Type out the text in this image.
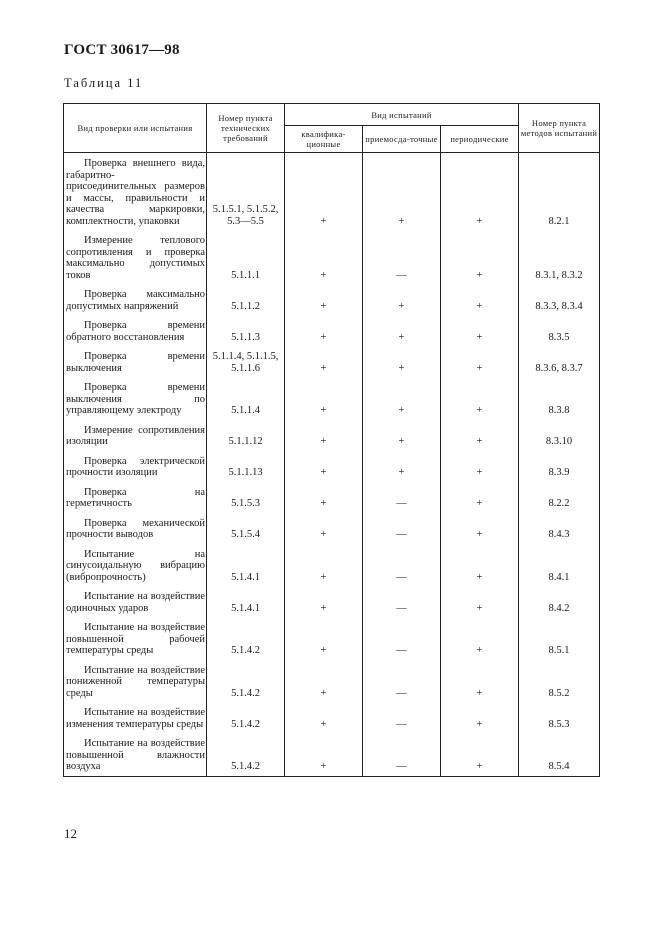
ГОСТ 30617—98
Таблица 11
Вид проверки или испытания	Номер пункта технических требований	Вид испытаний			Номер пункта методов испытаний
		квалифика-ционные	приемосда-точные	периодические	

Проверка внешнего вида, габаритно-присоединительных размеров и массы, правильности и качества маркировки, комплектности, упаковки	5.1.5.1, 5.1.5.2, 5.3—5.5	+	+	+	8.2.1

Измерение теплового сопротивления и проверка максимально допустимых токов	5.1.1.1	+	—	+	8.3.1, 8.3.2

Проверка максимально допустимых напряжений	5.1.1.2	+	+	+	8.3.3, 8.3.4

Проверка времени обратного восстановления	5.1.1.3	+	+	+	8.3.5

Проверка времени выключения	5.1.1.4, 5.1.1.5, 5.1.1.6	+	+	+	8.3.6, 8.3.7

Проверка времени выключения по управляющему электроду	5.1.1.4	+	+	+	8.3.8

Измерение сопротивления изоляции	5.1.1.12	+	+	+	8.3.10

Проверка электрической прочности изоляции	5.1.1.13	+	+	+	8.3.9

Проверка на герметичность	5.1.5.3	+	—	+	8.2.2

Проверка механической прочности выводов	5.1.5.4	+	—	+	8.4.3

Испытание на синусоидальную вибрацию (вибропрочность)	5.1.4.1	+	—	+	8.4.1

Испытание на воздействие одиночных ударов	5.1.4.1	+	—	+	8.4.2

Испытание на воздействие повышенной рабочей температуры среды	5.1.4.2	+	—	+	8.5.1

Испытание на воздействие пониженной температуры среды	5.1.4.2	+	—	+	8.5.2

Испытание на воздействие изменения температуры среды	5.1.4.2	+	—	+	8.5.3

Испытание на воздействие повышенной влажности воздуха	5.1.4.2	+	—	+	8.5.4
12
